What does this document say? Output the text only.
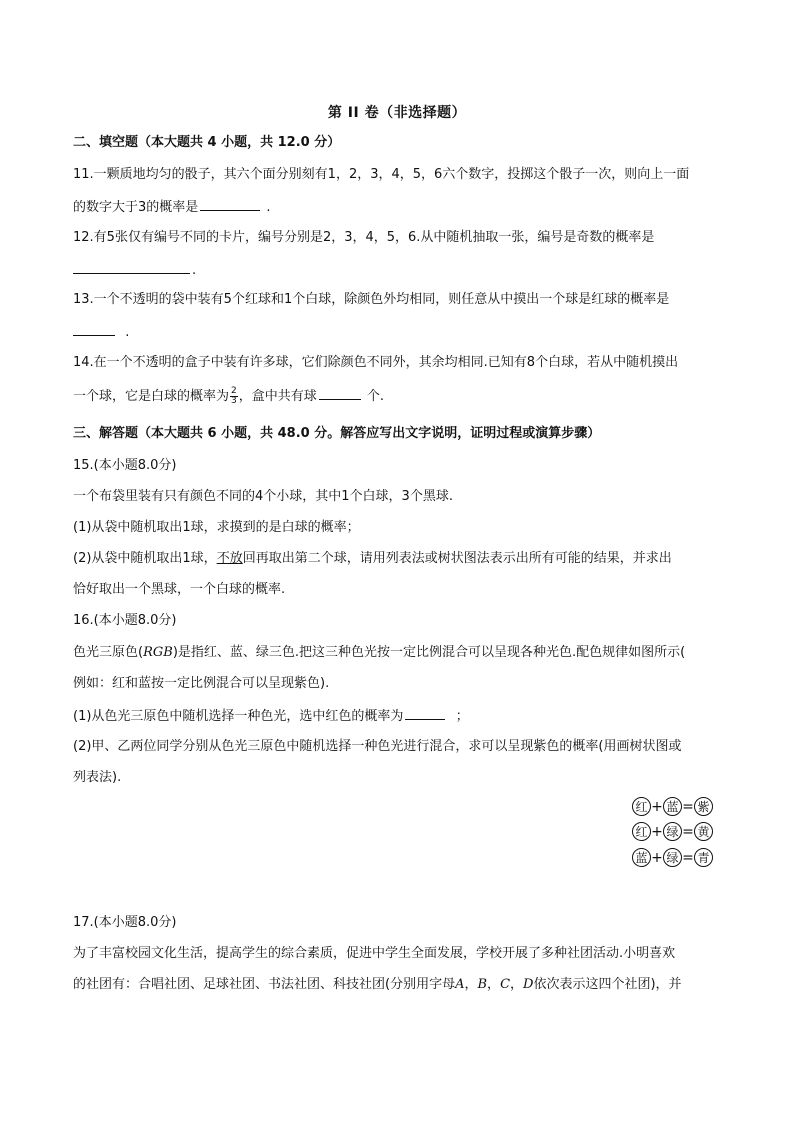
第 II 卷（非选择题）
二、填空题（本大题共 4 小题，共 12.0 分）
11.一颗质地均匀的骰子，其六个面分别刻有1，2，3，4，5，6六个数字，投掷这个骰子一次，则向上一面
的数字大于3的概率是	.
12.有5张仅有编号不同的卡片，编号分别是2，3，4，5，6.从中随机抽取一张，编号是奇数的概率是
.
13.一个不透明的袋中装有5个红球和1个白球，除颜色外均相同，则任意从中摸出一个球是红球的概率是
.
14.在一个不透明的盒子中装有许多球，它们除颜色不同外，其余均相同.已知有8个白球，若从中随机摸出
一个球，它是白球的概率为 $\frac{2}{3}$ ，盒中共有球	个.
三、解答题（本大题共 6 小题，共 48.0 分。解答应写出文字说明，证明过程或演算步骤）
15.(本小题8.0分)
一个布袋里装有只有颜色不同的4个小球，其中1个白球，3个黑球.
(1)从袋中随机取出1球，求摸到的是白球的概率；
(2)从袋中随机取出1球，不放回再取出第二个球，请用列表法或树状图法表示出所有可能的结果，并求出
恰好取出一个黑球，一个白球的概率.
16.(本小题8.0分)
色光三原色(RGB)是指红、蓝、绿三色.把这三种色光按一定比例混合可以呈现各种光色.配色规律如图所示(
例如：红和蓝按一定比例混合可以呈现紫色).
(1)从色光三原色中随机选择一种色光，选中红色的概率为	；
(2)甲、乙两位同学分别从色光三原色中随机选择一种色光进行混合，求可以呈现紫色的概率(用画树状图或
列表法).
红 + 蓝 = 紫
红 + 绿 = 黄
蓝 + 绿 = 青
17.(本小题8.0分)
为了丰富校园文化生活，提高学生的综合素质，促进中学生全面发展，学校开展了多种社团活动.小明喜欢
的社团有：合唱社团、足球社团、书法社团、科技社团(分别用字母A，B，C，D依次表示这四个社团)，并
